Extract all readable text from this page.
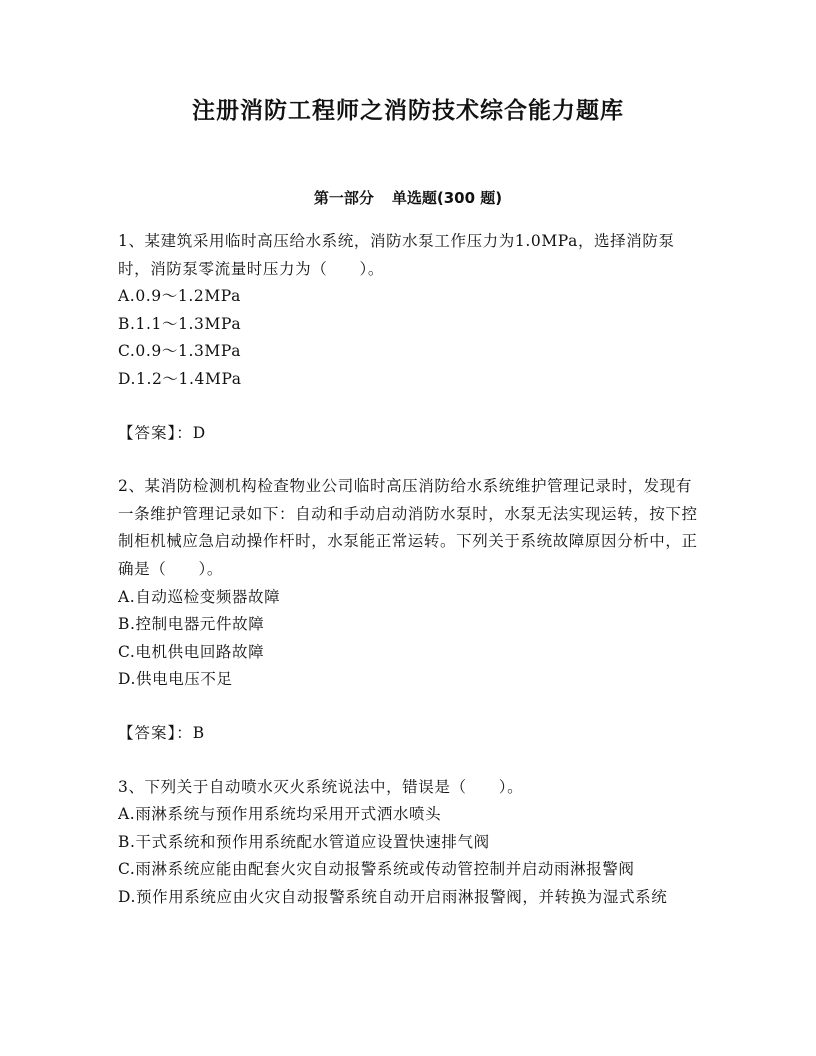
注册消防工程师之消防技术综合能力题库
第一部分 单选题(300 题)

1、某建筑采用临时高压给水系统，消防水泵工作压力为1.0MPa，选择消防泵时，消防泵零流量时压力为（　　）。

A.0.9～1.2MPa

B.1.1～1.3MPa

C.0.9～1.3MPa

D.1.2～1.4MPa

【答案】：D

2、某消防检测机构检查物业公司临时高压消防给水系统维护管理记录时，发现有一条维护管理记录如下：自动和手动启动消防水泵时，水泵无法实现运转，按下控制柜机械应急启动操作杆时，水泵能正常运转。下列关于系统故障原因分析中，正确是（　　）。

A.自动巡检变频器故障

B.控制电器元件故障

C.电机供电回路故障

D.供电电压不足

【答案】：B

3、下列关于自动喷水灭火系统说法中，错误是（　　）。

A.雨淋系统与预作用系统均采用开式洒水喷头

B.干式系统和预作用系统配水管道应设置快速排气阀

C.雨淋系统应能由配套火灾自动报警系统或传动管控制并启动雨淋报警阀

D.预作用系统应由火灾自动报警系统自动开启雨淋报警阀，并转换为湿式系统
